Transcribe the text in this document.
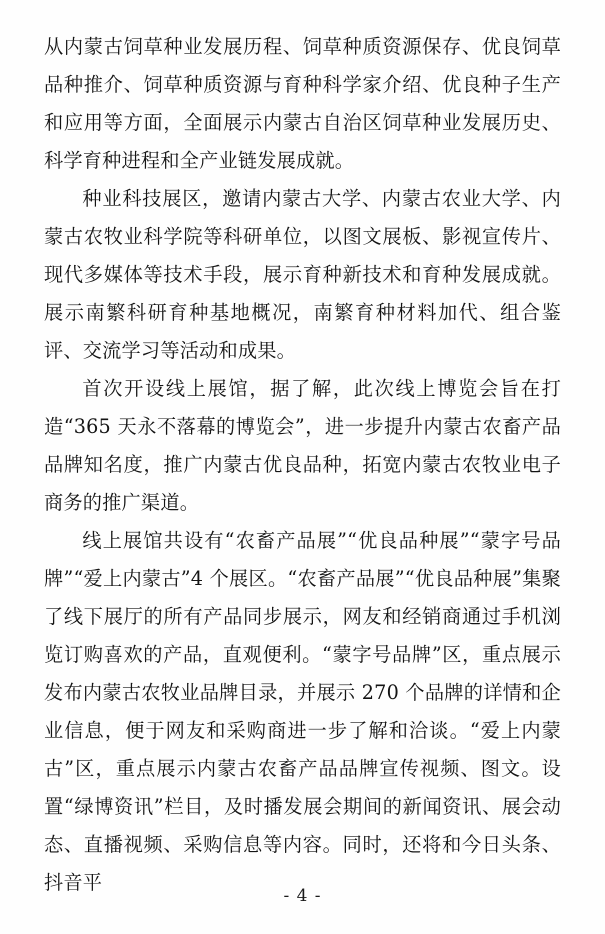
从内蒙古饲草种业发展历程、饲草种质资源保存、优良饲草品种推介、饲草种质资源与育种科学家介绍、优良种子生产和应用等方面，全面展示内蒙古自治区饲草种业发展历史、科学育种进程和全产业链发展成就。

种业科技展区，邀请内蒙古大学、内蒙古农业大学、内蒙古农牧业科学院等科研单位，以图文展板、影视宣传片、现代多媒体等技术手段，展示育种新技术和育种发展成就。展示南繁科研育种基地概况，南繁育种材料加代、组合鉴评、交流学习等活动和成果。

首次开设线上展馆，据了解，此次线上博览会旨在打造“365 天永不落幕的博览会”，进一步提升内蒙古农畜产品品牌知名度，推广内蒙古优良品种，拓宽内蒙古农牧业电子商务的推广渠道。

线上展馆共设有“农畜产品展”“优良品种展”“蒙字号品牌”“爱上内蒙古”4 个展区。“农畜产品展”“优良品种展”集聚了线下展厅的所有产品同步展示，网友和经销商通过手机浏览订购喜欢的产品，直观便利。“蒙字号品牌”区，重点展示发布内蒙古农牧业品牌目录，并展示 270 个品牌的详情和企业信息，便于网友和采购商进一步了解和洽谈。“爱上内蒙古”区，重点展示内蒙古农畜产品品牌宣传视频、图文。设置“绿博资讯”栏目，及时播发展会期间的新闻资讯、展会动态、直播视频、采购信息等内容。同时，还将和今日头条、抖音平

- 4 -
